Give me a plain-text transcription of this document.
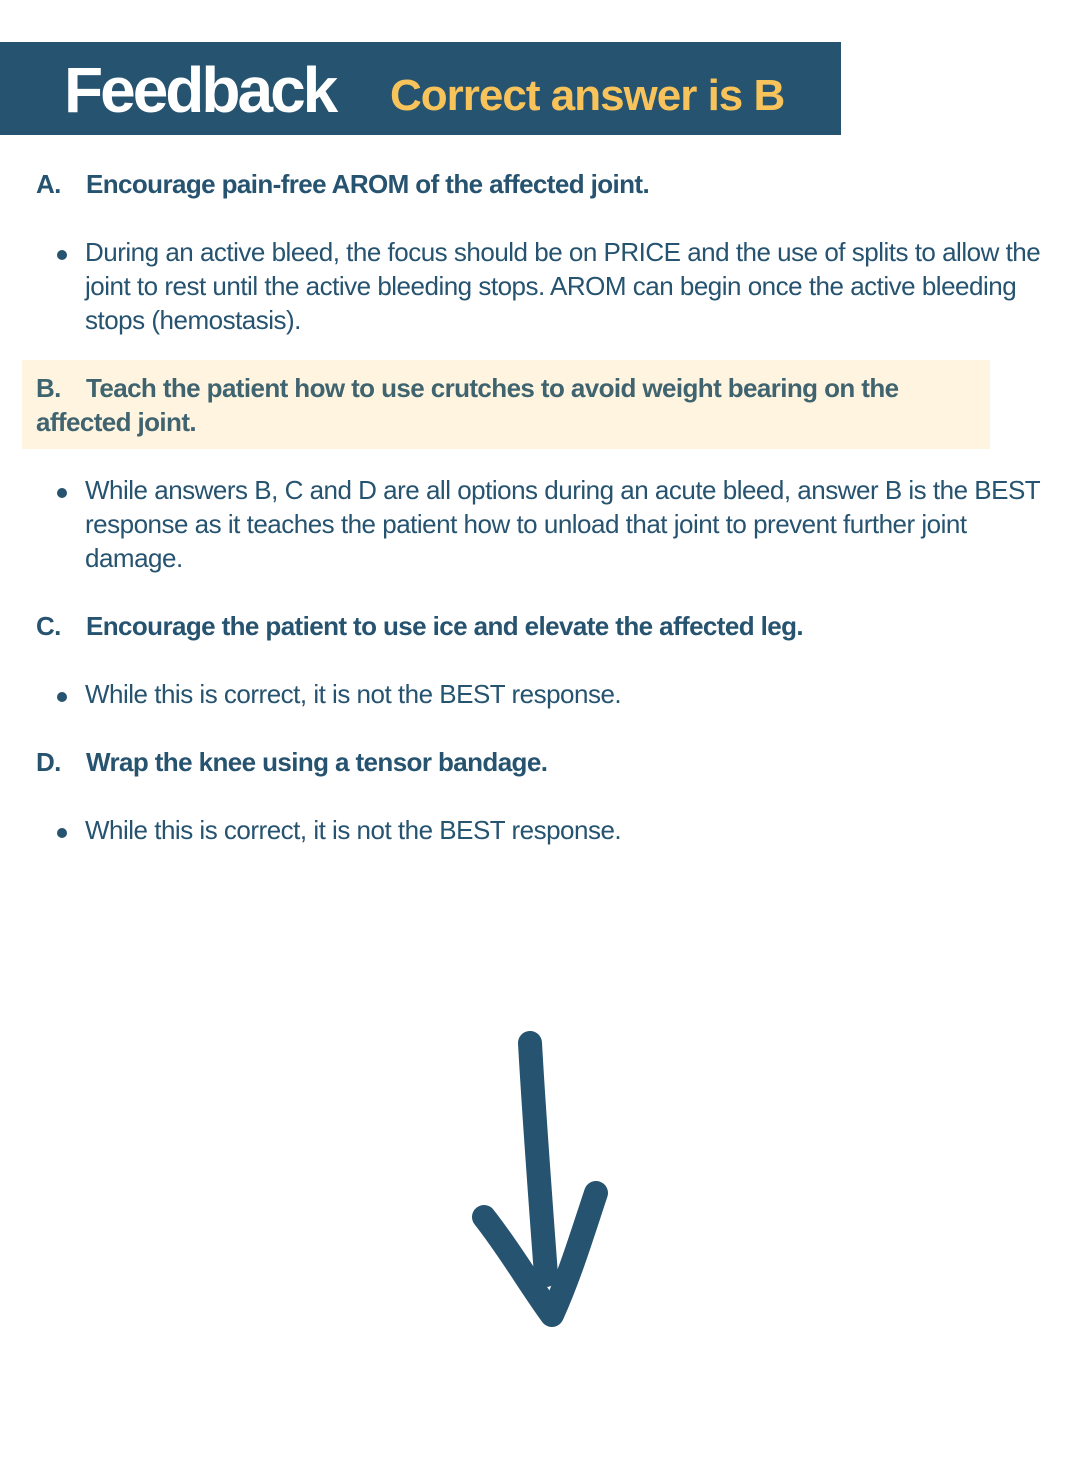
Feedback Correct answer is B
A. Encourage pain-free AROM of the affected joint.
During an active bleed, the focus should be on PRICE and the use of splits to allow the joint to rest until the active bleeding stops. AROM can begin once the active bleeding stops (hemostasis).
B. Teach the patient how to use crutches to avoid weight bearing on the affected joint.
While answers B, C and D are all options during an acute bleed, answer B is the BEST response as it teaches the patient how to unload that joint to prevent further joint damage.
C. Encourage the patient to use ice and elevate the affected leg.
While this is correct, it is not the BEST response.
D. Wrap the knee using a tensor bandage.
While this is correct, it is not the BEST response.
